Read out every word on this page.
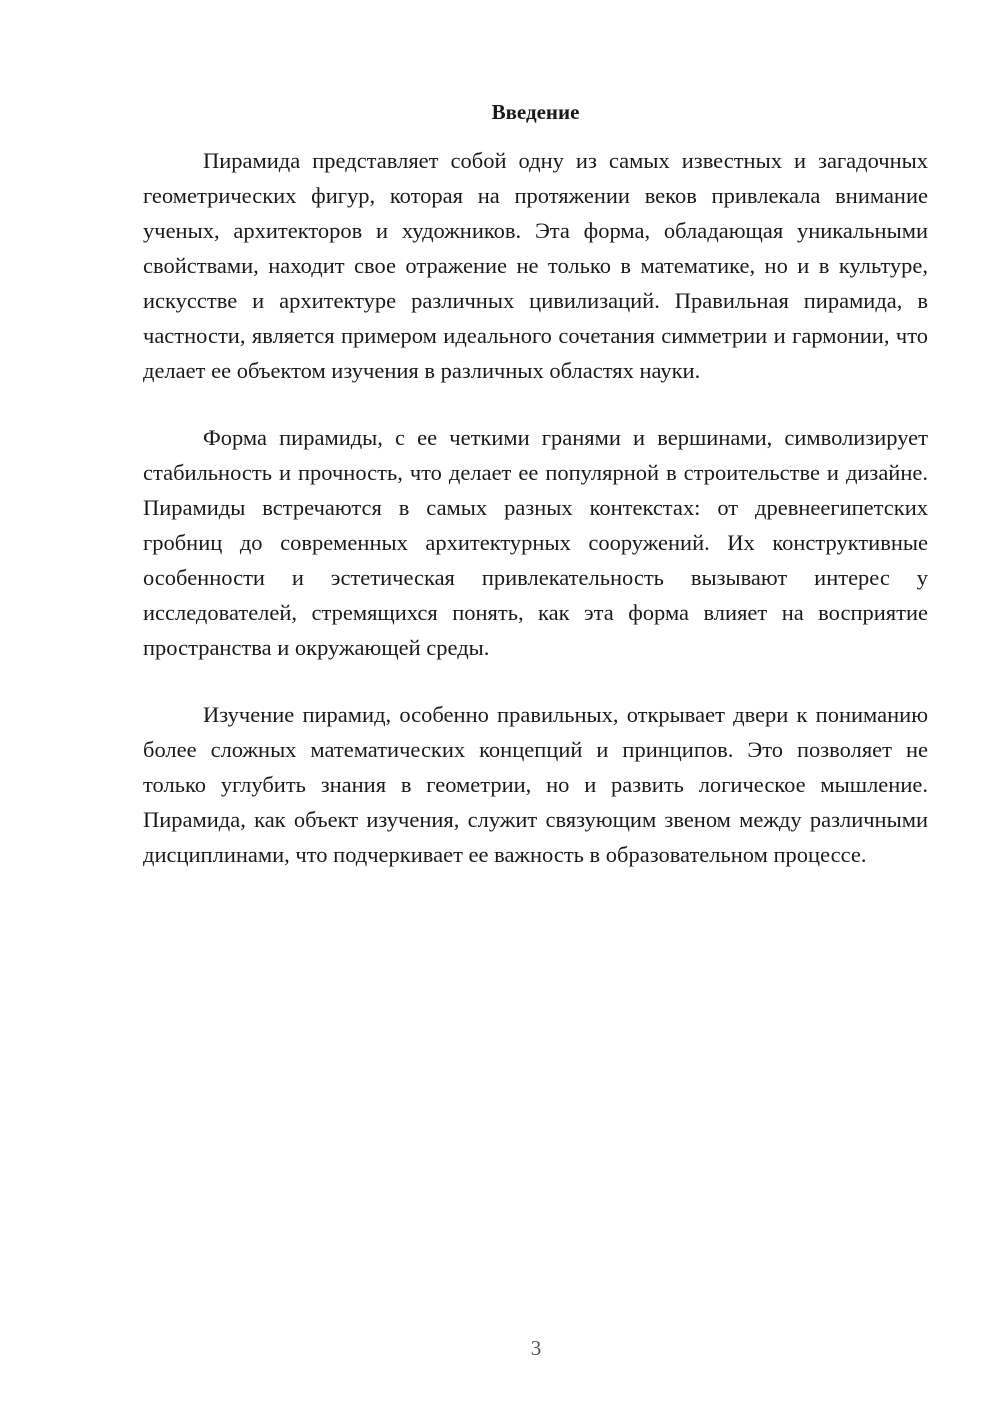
Введение

Пирамида представляет собой одну из самых известных и загадочных геометрических фигур, которая на протяжении веков привлекала внимание ученых, архитекторов и художников. Эта форма, обладающая уникальными свойствами, находит свое отражение не только в математике, но и в культуре, искусстве и архитектуре различных цивилизаций. Правильная пирамида, в частности, является примером идеального сочетания симметрии и гармонии, что делает ее объектом изучения в различных областях науки.

Форма пирамиды, с ее четкими гранями и вершинами, символизирует стабильность и прочность, что делает ее популярной в строительстве и дизайне. Пирамиды встречаются в самых разных контекстах: от древнеегипетских гробниц до современных архитектурных сооружений. Их конструктивные особенности и эстетическая привлекательность вызывают интерес у исследователей, стремящихся понять, как эта форма влияет на восприятие пространства и окружающей среды.

Изучение пирамид, особенно правильных, открывает двери к пониманию более сложных математических концепций и принципов. Это позволяет не только углубить знания в геометрии, но и развить логическое мышление. Пирамида, как объект изучения, служит связующим звеном между различными дисциплинами, что подчеркивает ее важность в образовательном процессе.

3
